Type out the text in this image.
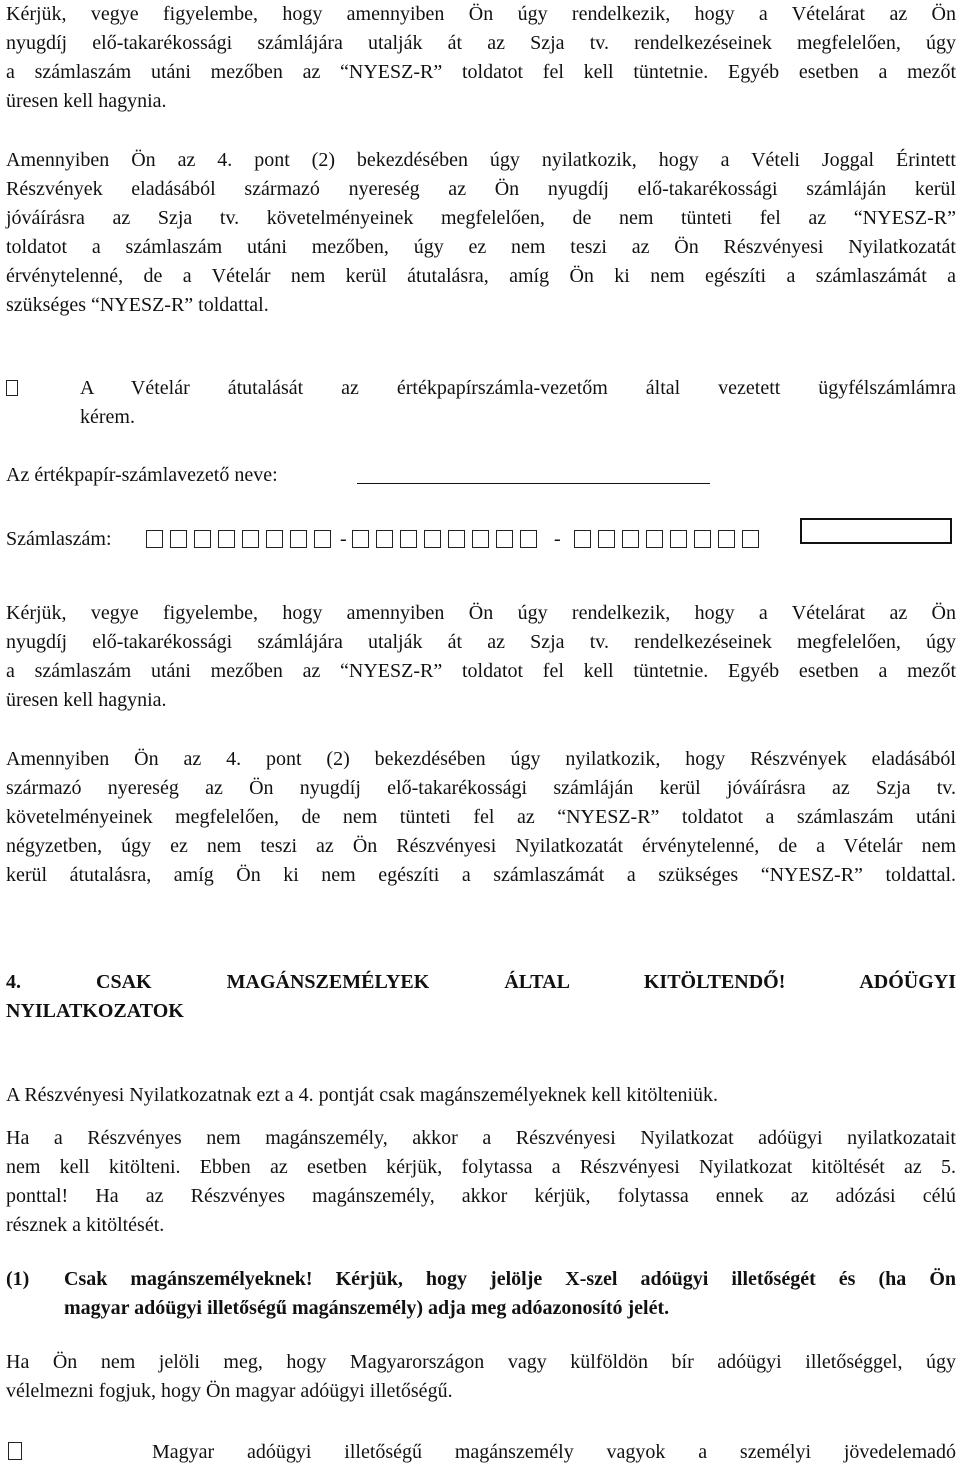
Kérjük, vegye figyelembe, hogy amennyiben Ön úgy rendelkezik, hogy a Vételárat az Ön
nyugdíj elő-takarékossági számlájára utalják át az Szja tv. rendelkezéseinek megfelelően, úgy
a számlaszám utáni mezőben az “NYESZ-R” toldatot fel kell tüntetnie. Egyéb esetben a mezőt
üresen kell hagynia.
Amennyiben Ön az 4. pont (2) bekezdésében úgy nyilatkozik, hogy a Vételi Joggal Érintett
Részvények eladásából származó nyereség az Ön nyugdíj elő-takarékossági számláján kerül
jóváírásra az Szja tv. követelményeinek megfelelően, de nem tünteti fel az “NYESZ-R”
toldatot a számlaszám utáni mezőben, úgy ez nem teszi az Ön Részvényesi Nyilatkozatát
érvénytelenné, de a Vételár nem kerül átutalásra, amíg Ön ki nem egészíti a számlaszámát a
szükséges “NYESZ-R” toldattal.
A Vételár átutalását az értékpapírszámla-vezetőm által vezetett ügyfélszámlámra
kérem.
Az értékpapír-számlavezető neve:
Számlaszám:	-	-
Kérjük, vegye figyelembe, hogy amennyiben Ön úgy rendelkezik, hogy a Vételárat az Ön
nyugdíj elő-takarékossági számlájára utalják át az Szja tv. rendelkezéseinek megfelelően, úgy
a számlaszám utáni mezőben az “NYESZ-R” toldatot fel kell tüntetnie. Egyéb esetben a mezőt
üresen kell hagynia.
Amennyiben Ön az 4. pont (2) bekezdésében úgy nyilatkozik, hogy Részvények eladásából
származó nyereség az Ön nyugdíj elő-takarékossági számláján kerül jóváírásra az Szja tv.
követelményeinek megfelelően, de nem tünteti fel az “NYESZ-R” toldatot a számlaszám utáni
négyzetben, úgy ez nem teszi az Ön Részvényesi Nyilatkozatát érvénytelenné, de a Vételár nem
kerül átutalásra, amíg Ön ki nem egészíti a számlaszámát a szükséges “NYESZ-R” toldattal.
4. CSAK MAGÁNSZEMÉLYEK ÁLTAL KITÖLTENDŐ! ADÓÜGYI
NYILATKOZATOK
A Részvényesi Nyilatkozatnak ezt a 4. pontját csak magánszemélyeknek kell kitölteniük.
Ha a Részvényes nem magánszemély, akkor a Részvényesi Nyilatkozat adóügyi nyilatkozatait
nem kell kitölteni. Ebben az esetben kérjük, folytassa a Részvényesi Nyilatkozat kitöltését az 5.
ponttal! Ha az Részvényes magánszemély, akkor kérjük, folytassa ennek az adózási célú
résznek a kitöltését.
(1)	Csak magánszemélyeknek! Kérjük, hogy jelölje X-szel adóügyi illetőségét és (ha Ön
magyar adóügyi illetőségű magánszemély) adja meg adóazonosító jelét.
Ha Ön nem jelöli meg, hogy Magyarországon vagy külföldön bír adóügyi illetőséggel, úgy
vélelmezni fogjuk, hogy Ön magyar adóügyi illetőségű.
Magyar adóügyi illetőségű magánszemély vagyok a személyi jövedelemadó
